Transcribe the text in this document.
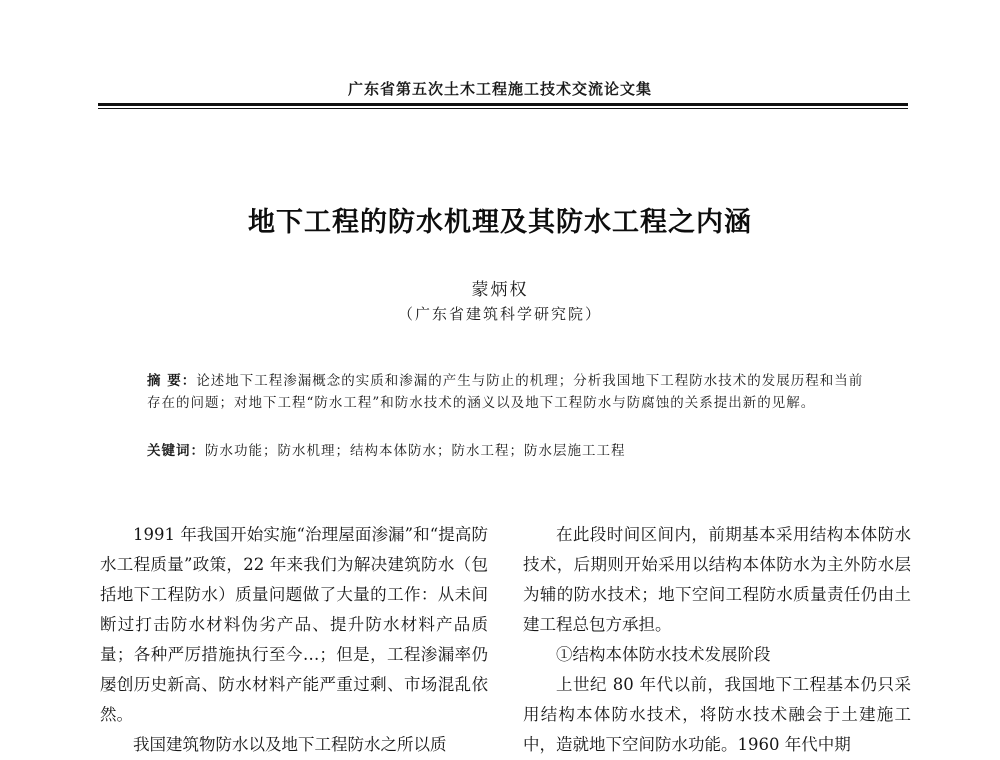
广东省第五次土木工程施工技术交流论文集
地下工程的防水机理及其防水工程之内涵
蒙炳权
（广东省建筑科学研究院）
摘 要：论述地下工程渗漏概念的实质和渗漏的产生与防止的机理；分析我国地下工程防水技术的发展历程和当前存在的问题；对地下工程“防水工程”和防水技术的涵义以及地下工程防水与防腐蚀的关系提出新的见解。
关键词：防水功能；防水机理；结构本体防水；防水工程；防水层施工工程

1991 年我国开始实施“治理屋面渗漏”和“提高防水工程质量”政策，22 年来我们为解决建筑防水（包括地下工程防水）质量问题做了大量的工作：从未间断过打击防水材料伪劣产品、提升防水材料产品质量；各种严厉措施执行至今…；但是，工程渗漏率仍屡创历史新高、防水材料产能严重过剩、市场混乱依然。

我国建筑物防水以及地下工程防水之所以质

在此段时间区间内，前期基本采用结构本体防水技术，后期则开始采用以结构本体防水为主外防水层为辅的防水技术；地下空间工程防水质量责任仍由土建工程总包方承担。

①结构本体防水技术发展阶段

上世纪 80 年代以前，我国地下工程基本仍只采用结构本体防水技术，将防水技术融会于土建施工中，造就地下空间防水功能。1960 年代中期
